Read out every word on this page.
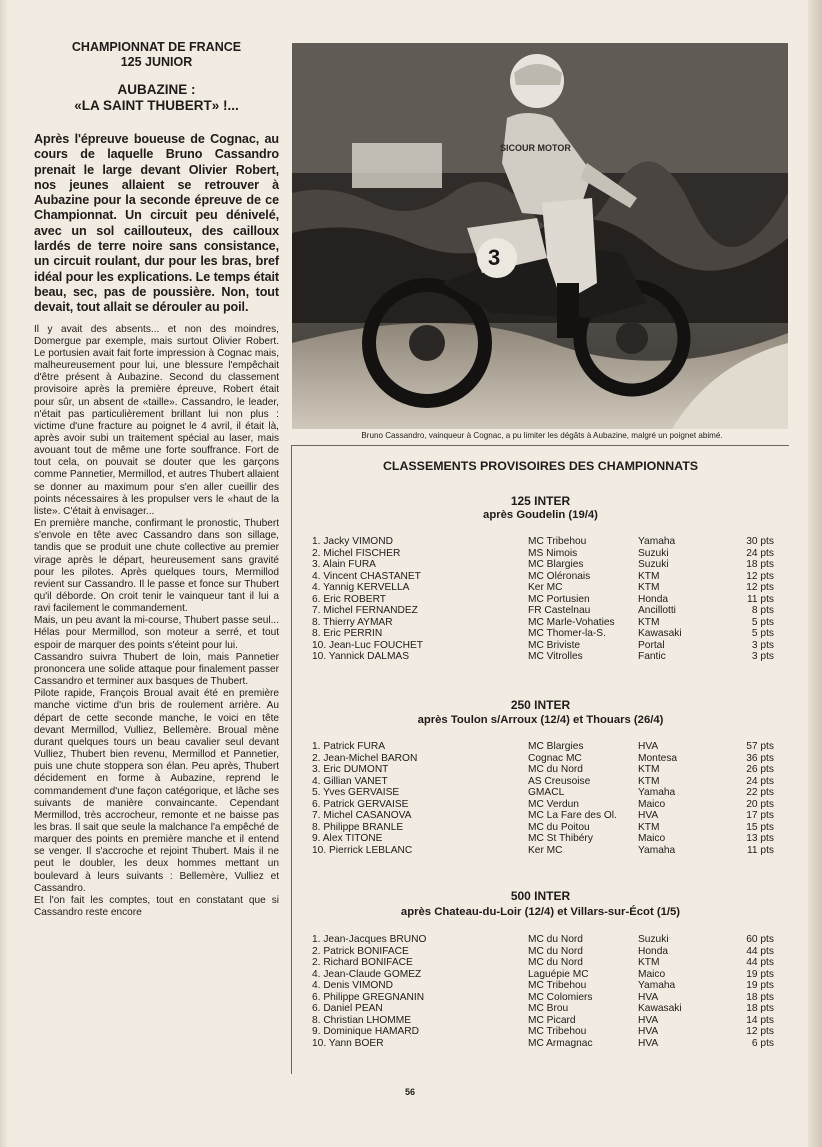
CHAMPIONNAT DE FRANCE
125 JUNIOR
AUBAZINE :
«LA SAINT THUBERT» !...
Après l'épreuve boueuse de Cognac, au cours de laquelle Bruno Cassandro prenait le large devant Olivier Robert, nos jeunes allaient se retrouver à Aubazine pour la seconde épreuve de ce Championnat. Un circuit peu dénivelé, avec un sol caillouteux, des cailloux lardés de terre noire sans consistance, un circuit roulant, dur pour les bras, bref idéal pour les explications. Le temps était beau, sec, pas de poussière. Non, tout devait, tout allait se dérouler au poil.

Il y avait des absents... et non des moindres, Domergue par exemple, mais surtout Olivier Robert. Le portusien avait fait forte impression à Cognac mais, malheureusement pour lui, une blessure l'empêchait d'être présent à Aubazine. Second du classement provisoire après la première épreuve, Robert était pour sûr, un absent de «taille». Cassandro, le leader, n'était pas particulièrement brillant lui non plus : victime d'une fracture au poignet le 4 avril, il était là, après avoir subi un traitement spécial au laser, mais avouant tout de même une forte souffrance. Fort de tout cela, on pouvait se douter que les garçons comme Pannetier, Mermillod, et autres Thubert allaient se donner au maximum pour s'en aller cueillir des points nécessaires à les propulser vers le «haut de la liste». C'était à envisager...

En première manche, confirmant le pronostic, Thubert s'envole en tête avec Cassandro dans son sillage, tandis que se produit une chute collective au premier virage après le départ, heureusement sans gravité pour les pilotes. Après quelques tours, Mermillod revient sur Cassandro. Il le passe et fonce sur Thubert qu'il déborde. On croit tenir le vainqueur tant il lui a ravi facilement le commandement.

Mais, un peu avant la mi-course, Thubert passe seul... Hélas pour Mermillod, son moteur a serré, et tout espoir de marquer des points s'éteint pour lui.

Cassandro suivra Thubert de loin, mais Pannetier prononcera une solide attaque pour finalement passer Cassandro et terminer aux basques de Thubert.

Pilote rapide, François Broual avait été en première manche victime d'un bris de roulement arrière. Au départ de cette seconde manche, le voici en tête devant Mermillod, Vulliez, Bellemère. Broual mène durant quelques tours un beau cavalier seul devant Vulliez, Thubert bien revenu, Mermillod et Pannetier, puis une chute stoppera son élan. Peu après, Thubert décidement en forme à Aubazine, reprend le commandement d'une façon catégorique, et lâche ses suivants de manière convaincante. Cependant Mermillod, très accrocheur, remonte et ne baisse pas les bras. Il sait que seule la malchance l'a empêché de marquer des points en première manche et il entend se venger. Il s'accroche et rejoint Thubert. Mais il ne peut le doubler, les deux hommes mettant un boulevard à leurs suivants : Bellemère, Vulliez et Cassandro.

Et l'on fait les comptes, tout en constatant que si Cassandro reste encore

3
SICOUR MOTOR
Bruno Cassandro, vainqueur à Cognac, a pu limiter les dégâts à Aubazine, malgré un poignet abimé.
CLASSEMENTS PROVISOIRES DES CHAMPIONNATS
125 INTER
après Goudelin (19/4)
1. Jacky VIMOND	MC Tribehou	Yamaha	30 pts
2. Michel FISCHER	MS Nimois	Suzuki	24 pts
3. Alain FURA	MC Blargies	Suzuki	18 pts
4. Vincent CHASTANET	MC Oléronais	KTM	12 pts
4. Yannig KERVELLA	Ker MC	KTM	12 pts
6. Eric ROBERT	MC Portusien	Honda	11 pts
7. Michel FERNANDEZ	FR Castelnau	Ancillotti	8 pts
8. Thierry AYMAR	MC Marle-Vohaties KTM	5 pts
8. Eric PERRIN	MC Thomer-la-S.	Kawasaki	5 pts
10. Jean-Luc FOUCHET	MC Briviste	Portal	3 pts
10. Yannick DALMAS	MC Vitrolles	Fantic	3 pts
250 INTER
après Toulon s/Arroux (12/4) et Thouars (26/4)
1. Patrick FURA	MC Blargies	HVA	57 pts
2. Jean-Michel BARON	Cognac MC	Montesa	36 pts
3. Eric DUMONT	MC du Nord	KTM	26 pts
4. Gillian VANET	AS Creusoise	KTM	24 pts
5. Yves GERVAISE	GMACL	Yamaha	22 pts
6. Patrick GERVAISE	MC Verdun	Maico	20 pts
7. Michel CASANOVA	MC La Fare des Ol. HVA	17 pts
8. Philippe BRANLE	MC du Poitou	KTM	15 pts
9. Alex TITONE	MC St Thibéry	Maico	13 pts
10. Pierrick LEBLANC	Ker MC	Yamaha	11 pts
500 INTER
après Chateau-du-Loir (12/4) et Villars-sur-Écot (1/5)
1. Jean-Jacques BRUNO	MC du Nord	Suzuki	60 pts
2. Patrick BONIFACE	MC du Nord	Honda	44 pts
2. Richard BONIFACE	MC du Nord	KTM	44 pts
4. Jean-Claude GOMEZ	Laguépie MC	Maico	19 pts
4. Denis VIMOND	MC Tribehou	Yamaha	19 pts
6. Philippe GREGNANIN	MC Colomiers	HVA	18 pts
6. Daniel PEAN	MC Brou	Kawasaki	18 pts
8. Christian LHOMME	MC Picard	HVA	14 pts
9. Dominique HAMARD	MC Tribehou	HVA	12 pts
10. Yann BOER	MC Armagnac	HVA	6 pts
56
